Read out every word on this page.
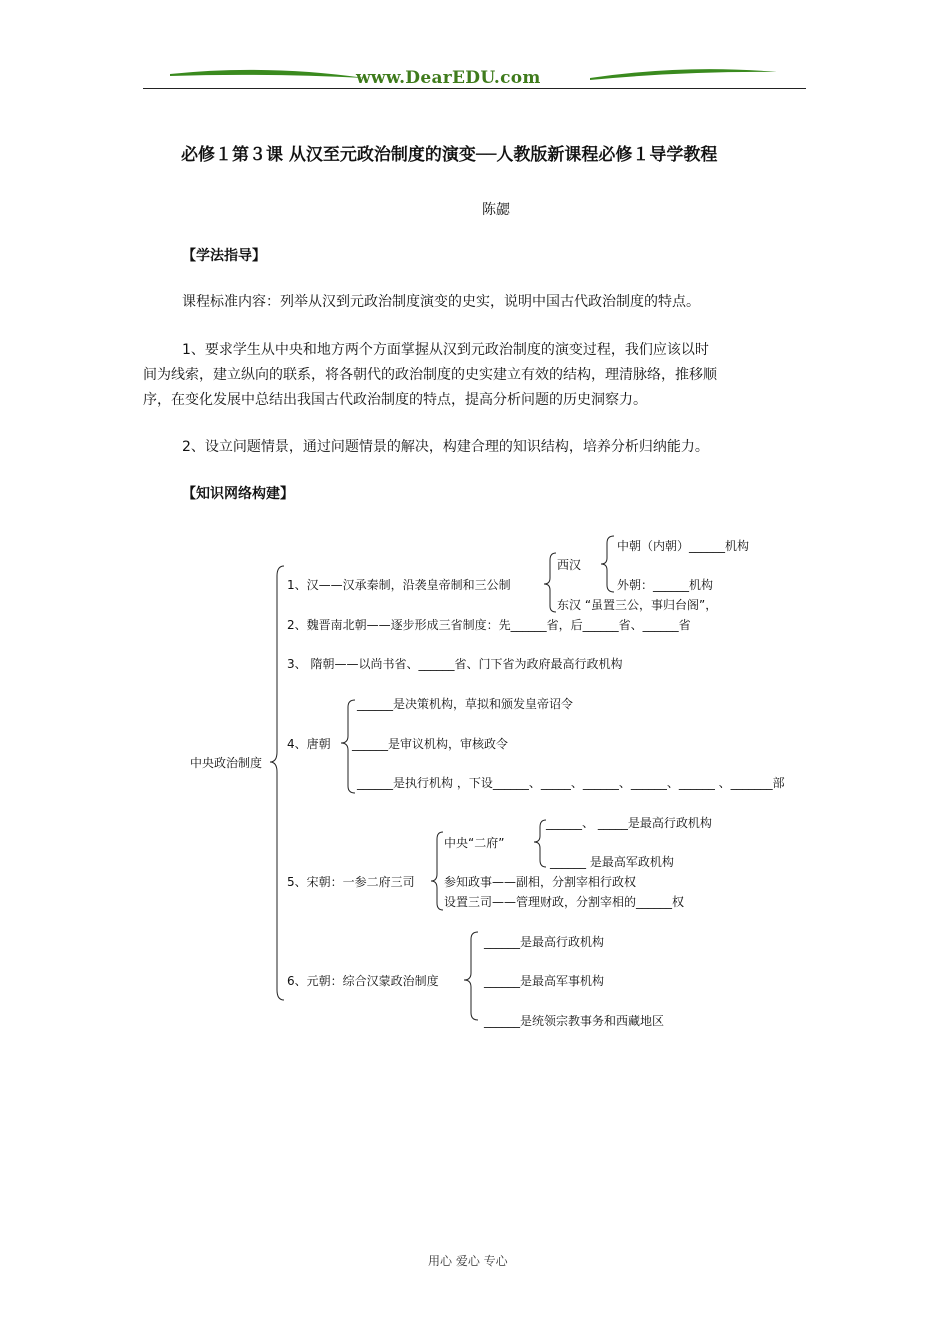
www.DearEDU.com
必修１第３课 从汉至元政治制度的演变──人教版新课程必修１导学教程
陈勰
【学法指导】
课程标准内容：列举从汉到元政治制度演变的史实，说明中国古代政治制度的特点。
1、要求学生从中央和地方两个方面掌握从汉到元政治制度的演变过程，我们应该以时
间为线索，建立纵向的联系，将各朝代的政治制度的史实建立有效的结构，理清脉络，推移顺
序，在变化发展中总结出我国古代政治制度的特点，提高分析问题的历史洞察力。
2、设立问题情景，通过问题情景的解决，构建合理的知识结构，培养分析归纳能力。
【知识网络构建】
中央政治制度
1、汉——汉承秦制，沿袭皇帝制和三公制
西汉
中朝（内朝）______机构
外朝：______机构
东汉 “虽置三公，事归台阁”，
2、魏晋南北朝——逐步形成三省制度：先______省，后______省、______省
3、 隋朝——以尚书省、______省、门下省为政府最高行政机构
4、唐朝
______是决策机构，草拟和颁发皇帝诏令
______是审议机构，审核政令
______是执行机构 ，下设______、_____、______、______、______ 、_______部
5、宋朝：一参二府三司
中央“二府”
______、 _____是最高行政机构
______ 是最高军政机构
参知政事——副相，分割宰相行政权
设置三司——管理财政，分割宰相的______权
6、元朝：综合汉蒙政治制度
______是最高行政机构
______是最高军事机构
______是统领宗教事务和西藏地区
用心 爱心 专心
